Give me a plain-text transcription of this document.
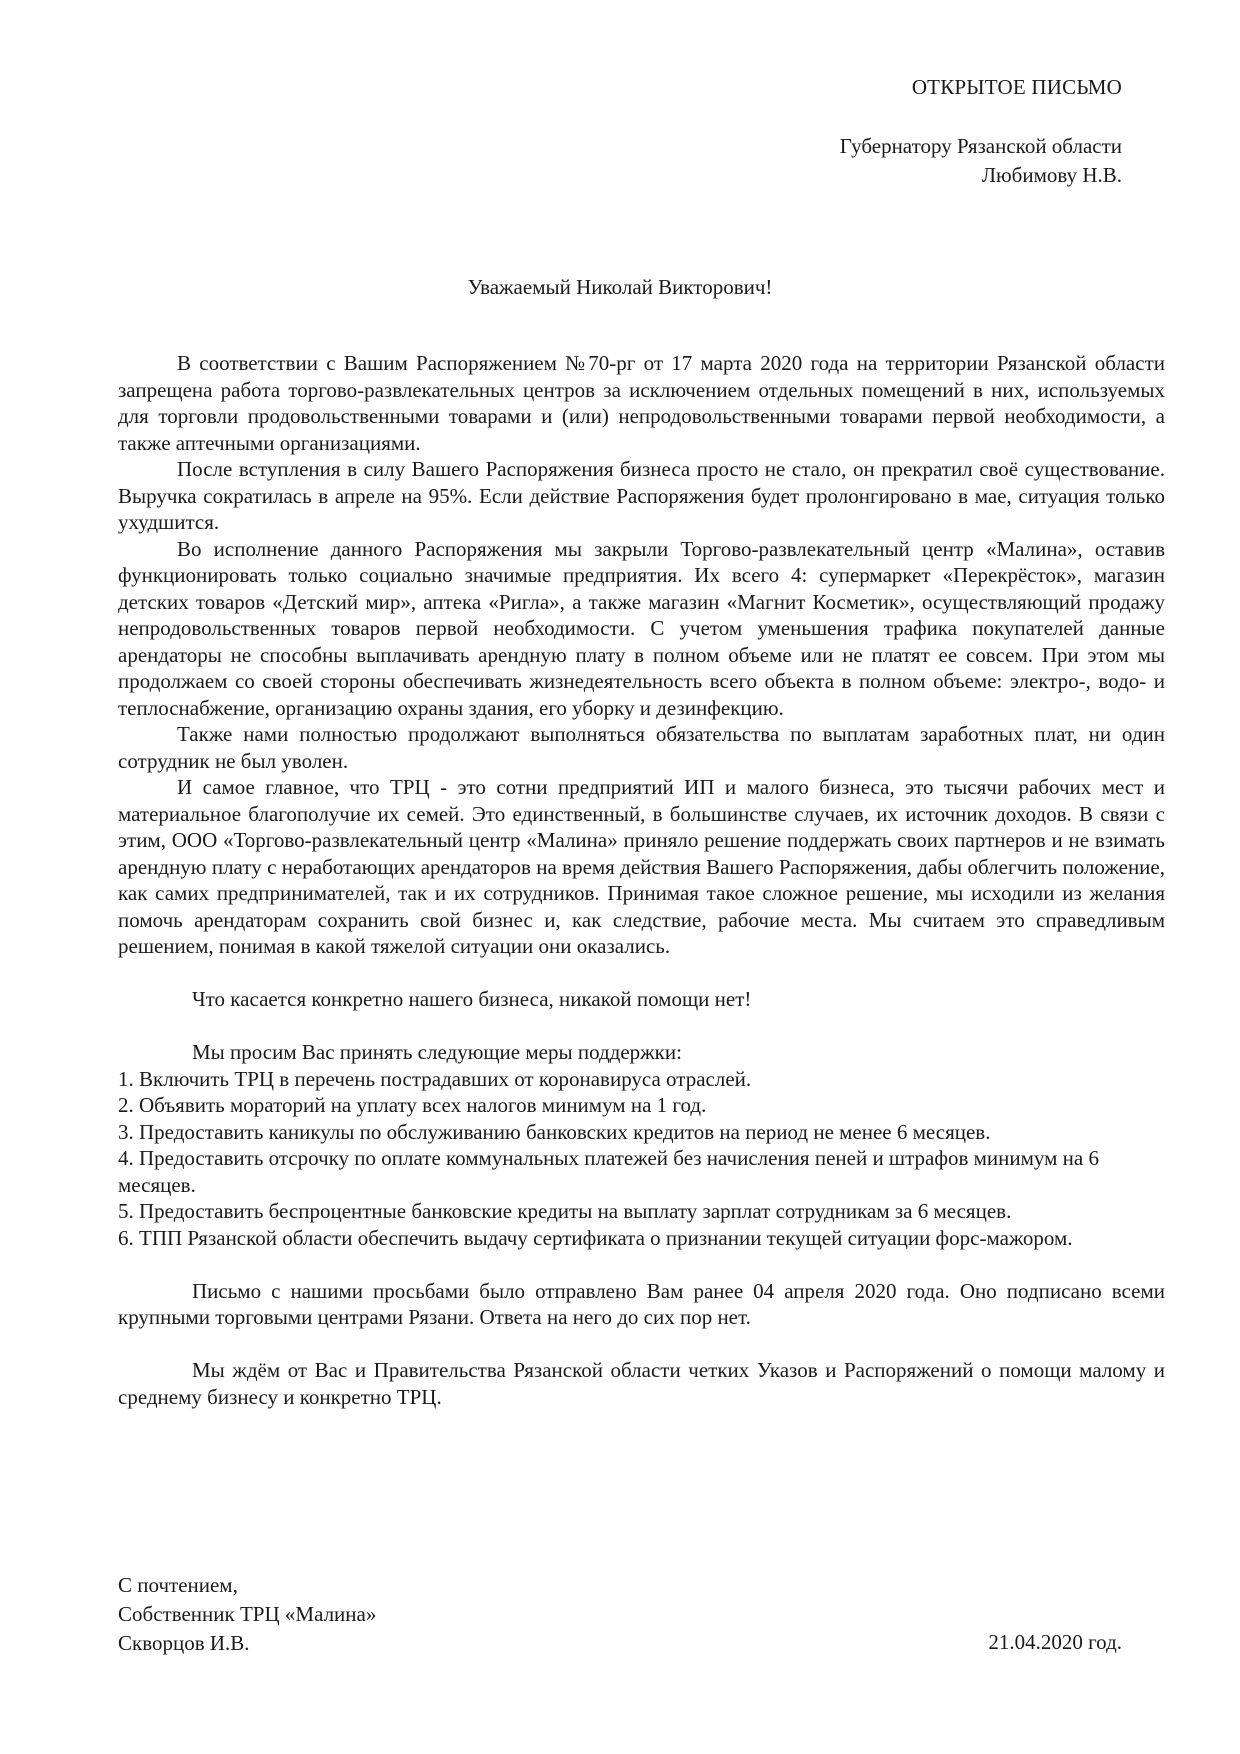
ОТКРЫТОЕ ПИСЬМО
Губернатору Рязанской области
Любимову Н.В.
Уважаемый Николай Викторович!

В соответствии с Вашим Распоряжением №70-рг от 17 марта 2020 года на территории Рязанской области запрещена работа торгово-развлекательных центров за исключением отдельных помещений в них, используемых для торговли продовольственными товарами и (или) непродовольственными товарами первой необходимости, а также аптечными организациями.

После вступления в силу Вашего Распоряжения бизнеса просто не стало, он прекратил своё существование. Выручка сократилась в апреле на 95%. Если действие Распоряжения будет пролонгировано в мае, ситуация только ухудшится.

Во исполнение данного Распоряжения мы закрыли Торгово-развлекательный центр «Малина», оставив функционировать только социально значимые предприятия. Их всего 4: супермаркет «Перекрёсток», магазин детских товаров «Детский мир», аптека «Ригла», а также магазин «Магнит Косметик», осуществляющий продажу непродовольственных товаров первой необходимости. С учетом уменьшения трафика покупателей данные арендаторы не способны выплачивать арендную плату в полном объеме или не платят ее совсем. При этом мы продолжаем со своей стороны обеспечивать жизнедеятельность всего объекта в полном объеме: электро-, водо- и теплоснабжение, организацию охраны здания, его уборку и дезинфекцию.

Также нами полностью продолжают выполняться обязательства по выплатам заработных плат, ни один сотрудник не был уволен.

И самое главное, что ТРЦ - это сотни предприятий ИП и малого бизнеса, это тысячи рабочих мест и материальное благополучие их семей. Это единственный, в большинстве случаев, их источник доходов. В связи с этим, ООО «Торгово-развлекательный центр «Малина» приняло решение поддержать своих партнеров и не взимать арендную плату с неработающих арендаторов на время действия Вашего Распоряжения, дабы облегчить положение, как самих предпринимателей, так и их сотрудников. Принимая такое сложное решение, мы исходили из желания помочь арендаторам сохранить свой бизнес и, как следствие, рабочие места. Мы считаем это справедливым решением, понимая в какой тяжелой ситуации они оказались.

Что касается конкретно нашего бизнеса, никакой помощи нет!

Мы просим Вас принять следующие меры поддержки:

1. Включить ТРЦ в перечень пострадавших от коронавируса отраслей.
2. Объявить мораторий на уплату всех налогов минимум на 1 год.
3. Предоставить каникулы по обслуживанию банковских кредитов на период не менее 6 месяцев.
4. Предоставить отсрочку по оплате коммунальных платежей без начисления пеней и штрафов минимум на 6 месяцев.
5. Предоставить беспроцентные банковские кредиты на выплату зарплат сотрудникам за 6 месяцев.
6. ТПП Рязанской области обеспечить выдачу сертификата о признании текущей ситуации форс-мажором.

Письмо с нашими просьбами было отправлено Вам ранее 04 апреля 2020 года. Оно подписано всеми крупными торговыми центрами Рязани. Ответа на него до сих пор нет.

Мы ждём от Вас и Правительства Рязанской области четких Указов и Распоряжений о помощи малому и среднему бизнесу и конкретно ТРЦ.

С почтением,
Собственник ТРЦ «Малина»
Скворцов И.В.	21.04.2020 год.
